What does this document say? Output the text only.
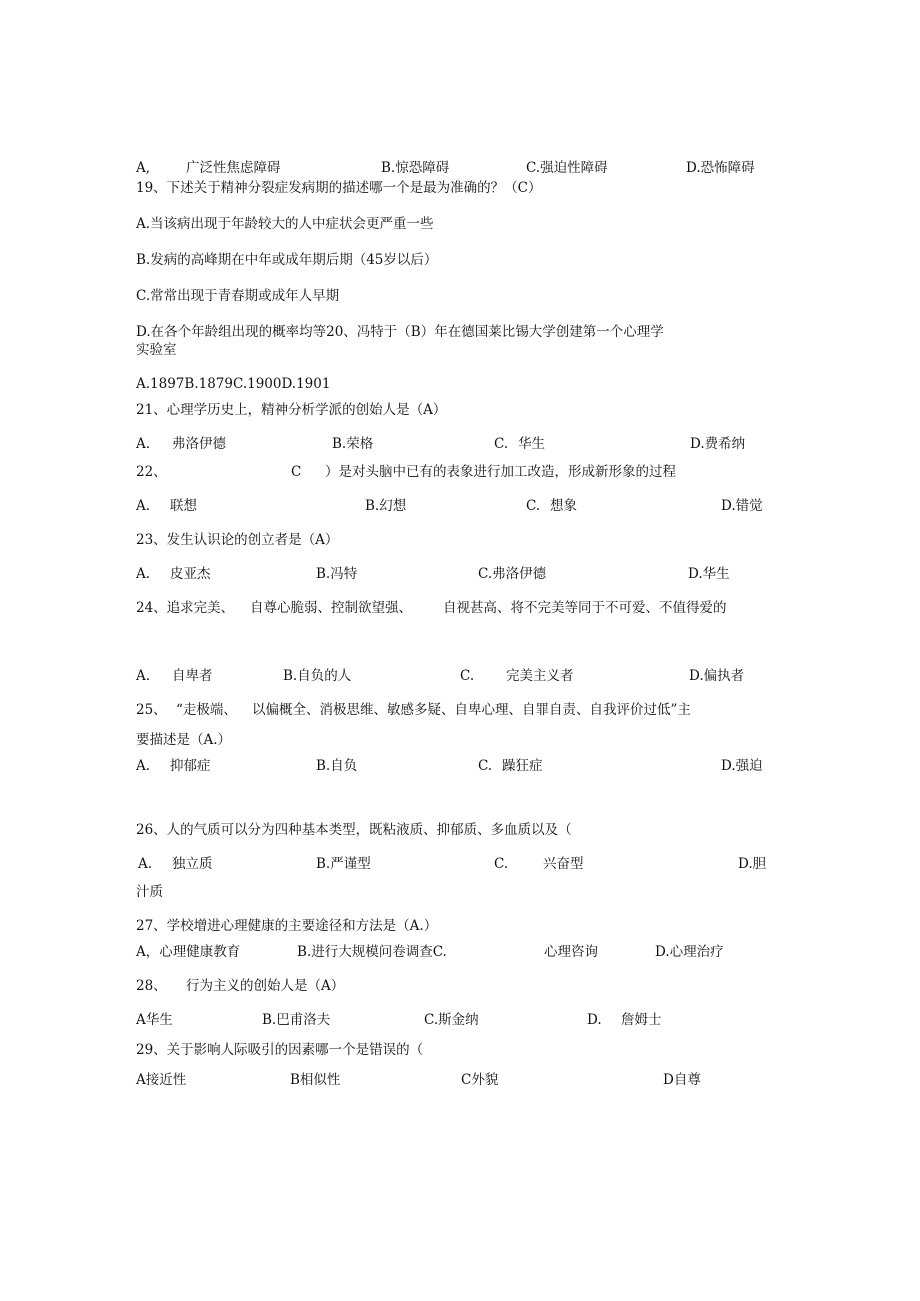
A,	广泛性焦虑障碍	B.惊恐障碍	C.强迫性障碍	D.恐怖障碍
19、下述关于精神分裂症发病期的描述哪一个是最为准确的？（C）
A.当该病出现于年龄较大的人中症状会更严重一些
B.发病的高峰期在中年或成年期后期（45岁以后）
C.常常出现于青春期或成年人早期
D.在各个年龄组出现的概率均等20、冯特于（B）年在德国莱比锡大学创建第一个心理学
实验室
A.1897B.1879C.1900D.1901
21、心理学历史上，精神分析学派的创始人是（A）
A. 弗洛伊德	B.荣格	C. 华生	D.费希纳
22、	C ）是对头脑中已有的表象进行加工改造，形成新形象的过程
A. 联想	B.幻想	C. 想象	D.错觉
23、发生认识论的创立者是（A）
A. 皮亚杰	B.冯特	C.弗洛伊德	D.华生
24、追求完美、 自尊心脆弱、控制欲望强、 自视甚高、将不完美等同于不可爱、不值得爱的
A. 自卑者	B.自负的人	C. 完美主义者	D.偏执者
25、 “走极端、 以偏概全、消极思维、敏感多疑、自卑心理、自罪自责、自我评价过低”主
要描述是（A.）
A. 抑郁症	B.自负	C. 躁狂症	D.强迫
26、人的气质可以分为四种基本类型，既粘液质、抑郁质、多血质以及（
A. 独立质	B.严谨型	C.	兴奋型	D.胆
汁质
27、学校增进心理健康的主要途径和方法是（A.）
A，心理健康教育	B.进行大规模问卷调查C.	心理咨询	D.心理治疗
28、 行为主义的创始人是（A）
A华生	B.巴甫洛夫	C.斯金纳	D. 詹姆士
29、关于影响人际吸引的因素哪一个是错误的（
A接近性	B相似性	C外貌	D自尊
